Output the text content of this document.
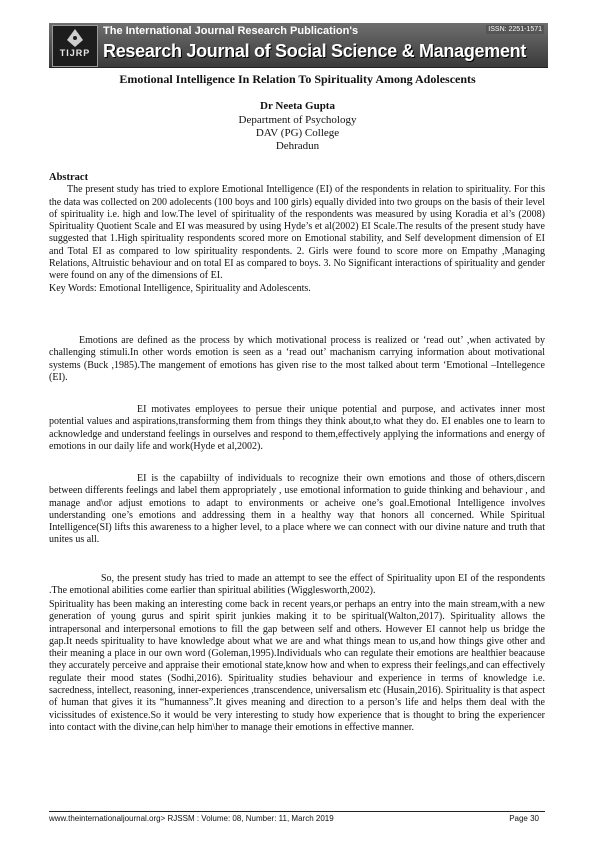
TIJRP
The International Journal Research Publication's	ISSN: 2251-1571
Research Journal of Social Science & Management
Emotional Intelligence In Relation To Spirituality Among Adolescents
Dr Neeta Gupta
Department of Psychology
DAV (PG) College
Dehradun
Abstract
The present study has tried to explore Emotional Intelligence (EI) of the respondents in relation to spirituality. For this the data was collected on 200 adolecents (100 boys and 100 girls) equally divided into two groups on the basis of their level of spirituality i.e. high and low.The level of spirituality of the respondents was measured by using Koradia et al’s (2008) Spirituality Quotient Scale and EI was measured by using Hyde’s et al(2002) EI Scale.The results of the present study have suggested that 1.High spirituality respondents scored more on Emotional stability, and Self development dimension of EI and Total EI as compared to low spirituality respondents. 2. Girls were found to score more on Empathy ,Managing Relations, Altruistic behaviour and on total EI as compared to boys. 3. No Significant interactions of spirituality and gender were found on any of the dimensions of EI.
Key Words: Emotional Intelligence, Spirituality and Adolescents.
Emotions are defined as the process by which motivational process is realized or ‘read out’ ,when activated by challenging stimuli.In other words emotion is seen as a ‘read out’ machanism carrying information about motivational systems (Buck ,1985).The mangement of emotions has given rise to the most talked about term ‘Emotional –Intellegence (EI).
EI motivates employees to persue their unique potential and purpose, and activates inner most potential values and aspirations,transforming them from things they think about,to what they do. EI enables one to learn to acknowledge and understand feelings in ourselves and respond to them,effectively applying the informations and energy of emotions in our daily life and work(Hyde et al,2002).
EI is the capabiilty of individuals to recognize their own emotions and those of others,discern between differents feelings and label them appropriately , use emotional information to guide thinking and behaviour , and manage and\or adjust emotions to adapt to environments or acheive one’s goal.Emotional Intelligence involves understanding one’s emotions and addressing them in a healthy way that honors all concerned. While Spiritual Intelligence(SI) lifts this awareness to a higher level, to a place where we can connect with our divine nature and truth that unites us all.
So, the present study has tried to made an attempt to see the effect of Spirituality upon EI of the respondents .The emotional abilities come earlier than spiritual abilities (Wigglesworth,2002).
Spirituality has been making an interesting come back in recent years,or perhaps an entry into the main stream,with a new generation of young gurus and spirit spirit junkies making it to be spiritual(Walton,2017). Spirituality allows the intrapersonal and interpersonal emotions to fill the gap between self and others. However EI cannot help us bridge the gap.It needs spirituality to have knowledge about what we are and what things mean to us,and how things give other and their meaning a place in our own word (Goleman,1995).Individuals who can regulate their emotions are healthier beacause they accurately perceive and appraise their emotional state,know how and when to express their feelings,and can effectively regulate their mood states (Sodhi,2016). Spirituality studies behaviour and experience in terms of knowledge i.e. sacredness, intellect, reasoning, inner-experiences ,transcendence, universalism etc (Husain,2016). Spirituality is that aspect of human that gives it its “humanness”.It gives meaning and direction to a person’s life and helps them deal with the vicissitudes of existence.So it would be very interesting to study how experience that is thought to bring the experiencer into contact with the divine,can help him\her to manage their emotions in effective manner.
www.theinternationaljournal.org> RJSSM : Volume: 08, Number: 11, March 2019	Page 30
